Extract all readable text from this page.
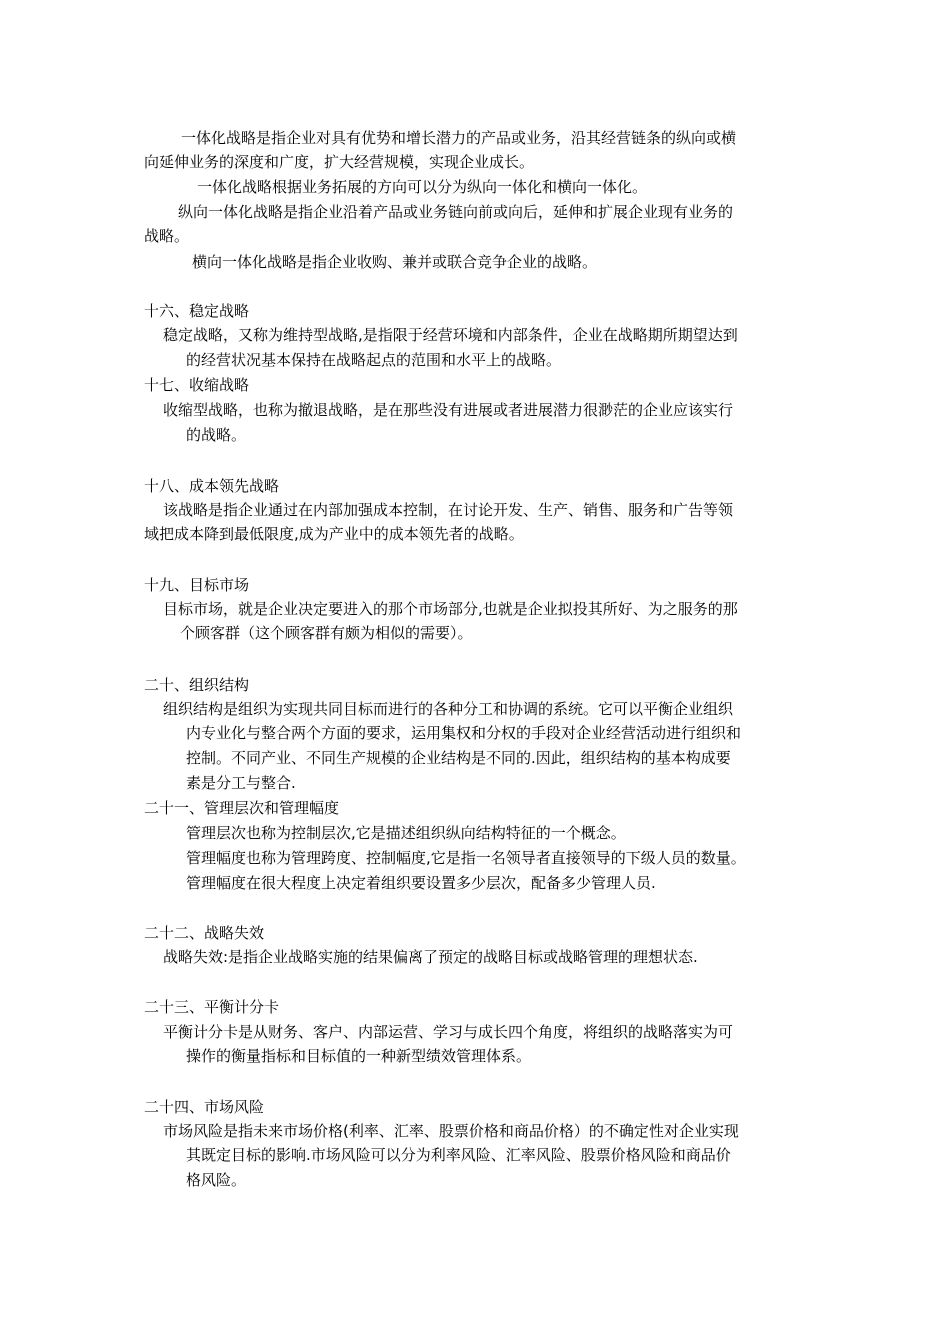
一体化战略是指企业对具有优势和增长潜力的产品或业务，沿其经营链条的纵向或横
向延伸业务的深度和广度，扩大经营规模，实现企业成长。
一体化战略根据业务拓展的方向可以分为纵向一体化和横向一体化。
纵向一体化战略是指企业沿着产品或业务链向前或向后，延伸和扩展企业现有业务的
战略。
横向一体化战略是指企业收购、兼并或联合竞争企业的战略。
十六、稳定战略
稳定战略，又称为维持型战略,是指限于经营环境和内部条件，企业在战略期所期望达到
的经营状况基本保持在战略起点的范围和水平上的战略。
十七、收缩战略
收缩型战略，也称为撤退战略，是在那些没有进展或者进展潜力很渺茫的企业应该实行
的战略。
十八、成本领先战略
该战略是指企业通过在内部加强成本控制，在讨论开发、生产、销售、服务和广告等领
域把成本降到最低限度,成为产业中的成本领先者的战略。
十九、目标市场
目标市场，就是企业决定要进入的那个市场部分,也就是企业拟投其所好、为之服务的那
个顾客群（这个顾客群有颇为相似的需要）。
二十、组织结构
组织结构是组织为实现共同目标而进行的各种分工和协调的系统。它可以平衡企业组织
内专业化与整合两个方面的要求，运用集权和分权的手段对企业经营活动进行组织和
控制。不同产业、不同生产规模的企业结构是不同的.因此，组织结构的基本构成要
素是分工与整合.
二十一、管理层次和管理幅度
管理层次也称为控制层次,它是描述组织纵向结构特征的一个概念。
管理幅度也称为管理跨度、控制幅度,它是指一名领导者直接领导的下级人员的数量。
管理幅度在很大程度上决定着组织要设置多少层次，配备多少管理人员.
二十二、战略失效
战略失效:是指企业战略实施的结果偏离了预定的战略目标或战略管理的理想状态.
二十三、平衡计分卡
平衡计分卡是从财务、客户、内部运营、学习与成长四个角度，将组织的战略落实为可
操作的衡量指标和目标值的一种新型绩效管理体系。
二十四、市场风险
市场风险是指未来市场价格(利率、汇率、股票价格和商品价格）的不确定性对企业实现
其既定目标的影响.市场风险可以分为利率风险、汇率风险、股票价格风险和商品价
格风险。
